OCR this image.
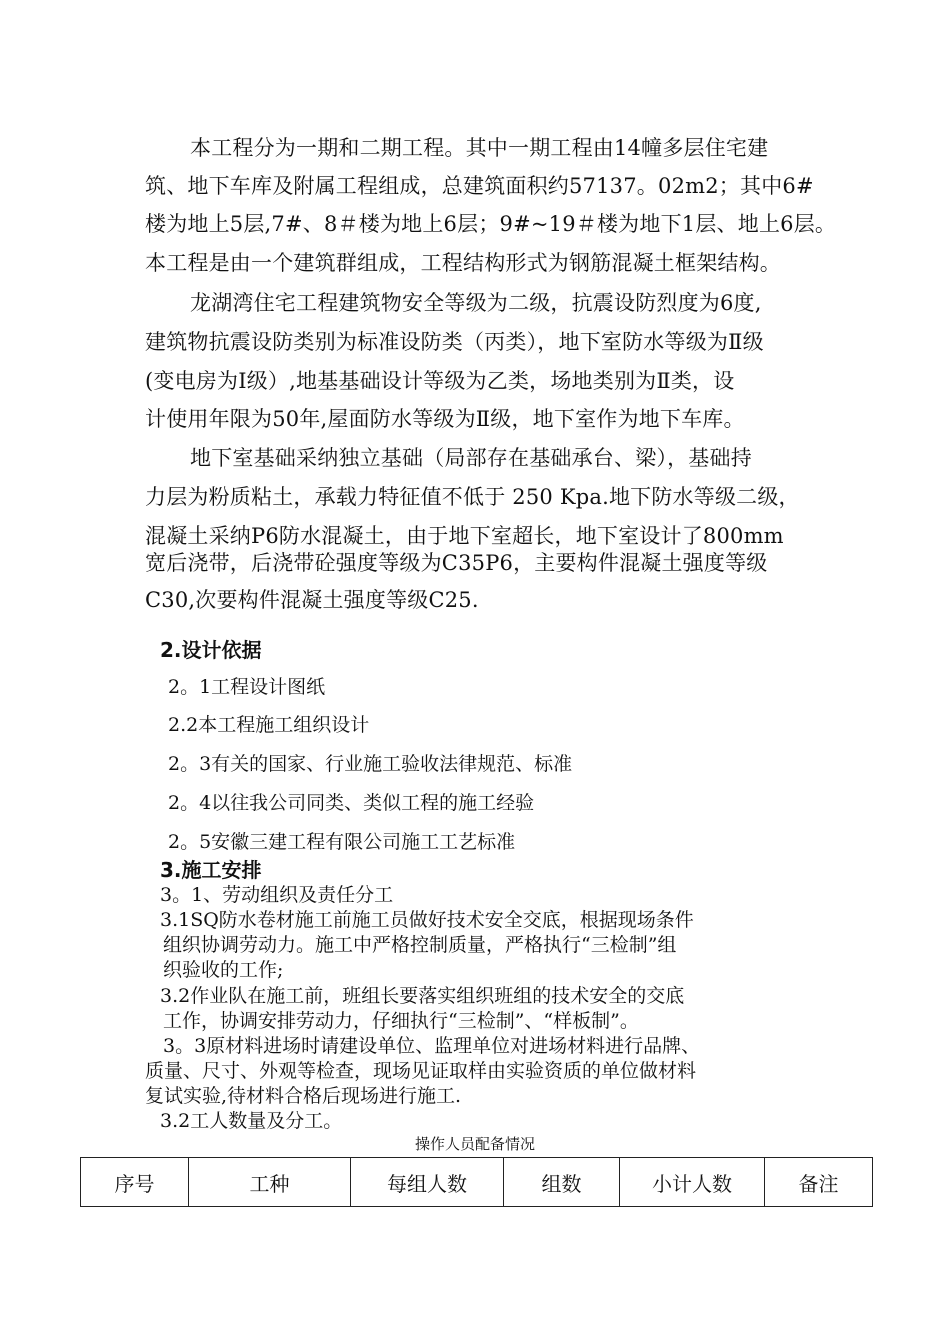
本工程分为一期和二期工程。其中一期工程由14幢多层住宅建
筑、地下车库及附属工程组成，总建筑面积约57137。02m2；其中6#
楼为地上5层,7#、8＃楼为地上6层；9#~19＃楼为地下1层、地上6层。
本工程是由一个建筑群组成，工程结构形式为钢筋混凝土框架结构。
龙湖湾住宅工程建筑物安全等级为二级，抗震设防烈度为6度,
建筑物抗震设防类别为标准设防类（丙类），地下室防水等级为Ⅱ级
(变电房为Ⅰ级）,地基基础设计等级为乙类，场地类别为Ⅱ类，设
计使用年限为50年,屋面防水等级为Ⅱ级，地下室作为地下车库。
地下室基础采纳独立基础（局部存在基础承台、梁），基础持
力层为粉质粘土，承载力特征值不低于 250 Kpa.地下防水等级二级，
混凝土采纳P6防水混凝土，由于地下室超长，地下室设计了800mm
宽后浇带，后浇带砼强度等级为C35P6，主要构件混凝土强度等级
C30,次要构件混凝土强度等级C25.
2.设计依据
2。1工程设计图纸
2.2本工程施工组织设计
2。3有关的国家、行业施工验收法律规范、标准
2。4以往我公司同类、类似工程的施工经验
2。5安徽三建工程有限公司施工工艺标准
3.施工安排
3。1、劳动组织及责任分工
3.1SQ防水卷材施工前施工员做好技术安全交底，根据现场条件
组织协调劳动力。施工中严格控制质量，严格执行“三检制”组
织验收的工作;
3.2作业队在施工前，班组长要落实组织班组的技术安全的交底
工作，协调安排劳动力，仔细执行“三检制”、“样板制”。
3。3原材料进场时请建设单位、监理单位对进场材料进行品牌、
质量、尺寸、外观等检查，现场见证取样由实验资质的单位做材料
复试实验,待材料合格后现场进行施工.
3.2工人数量及分工。
操作人员配备情况
序号	工种	每组人数	组数	小计人数	备注
